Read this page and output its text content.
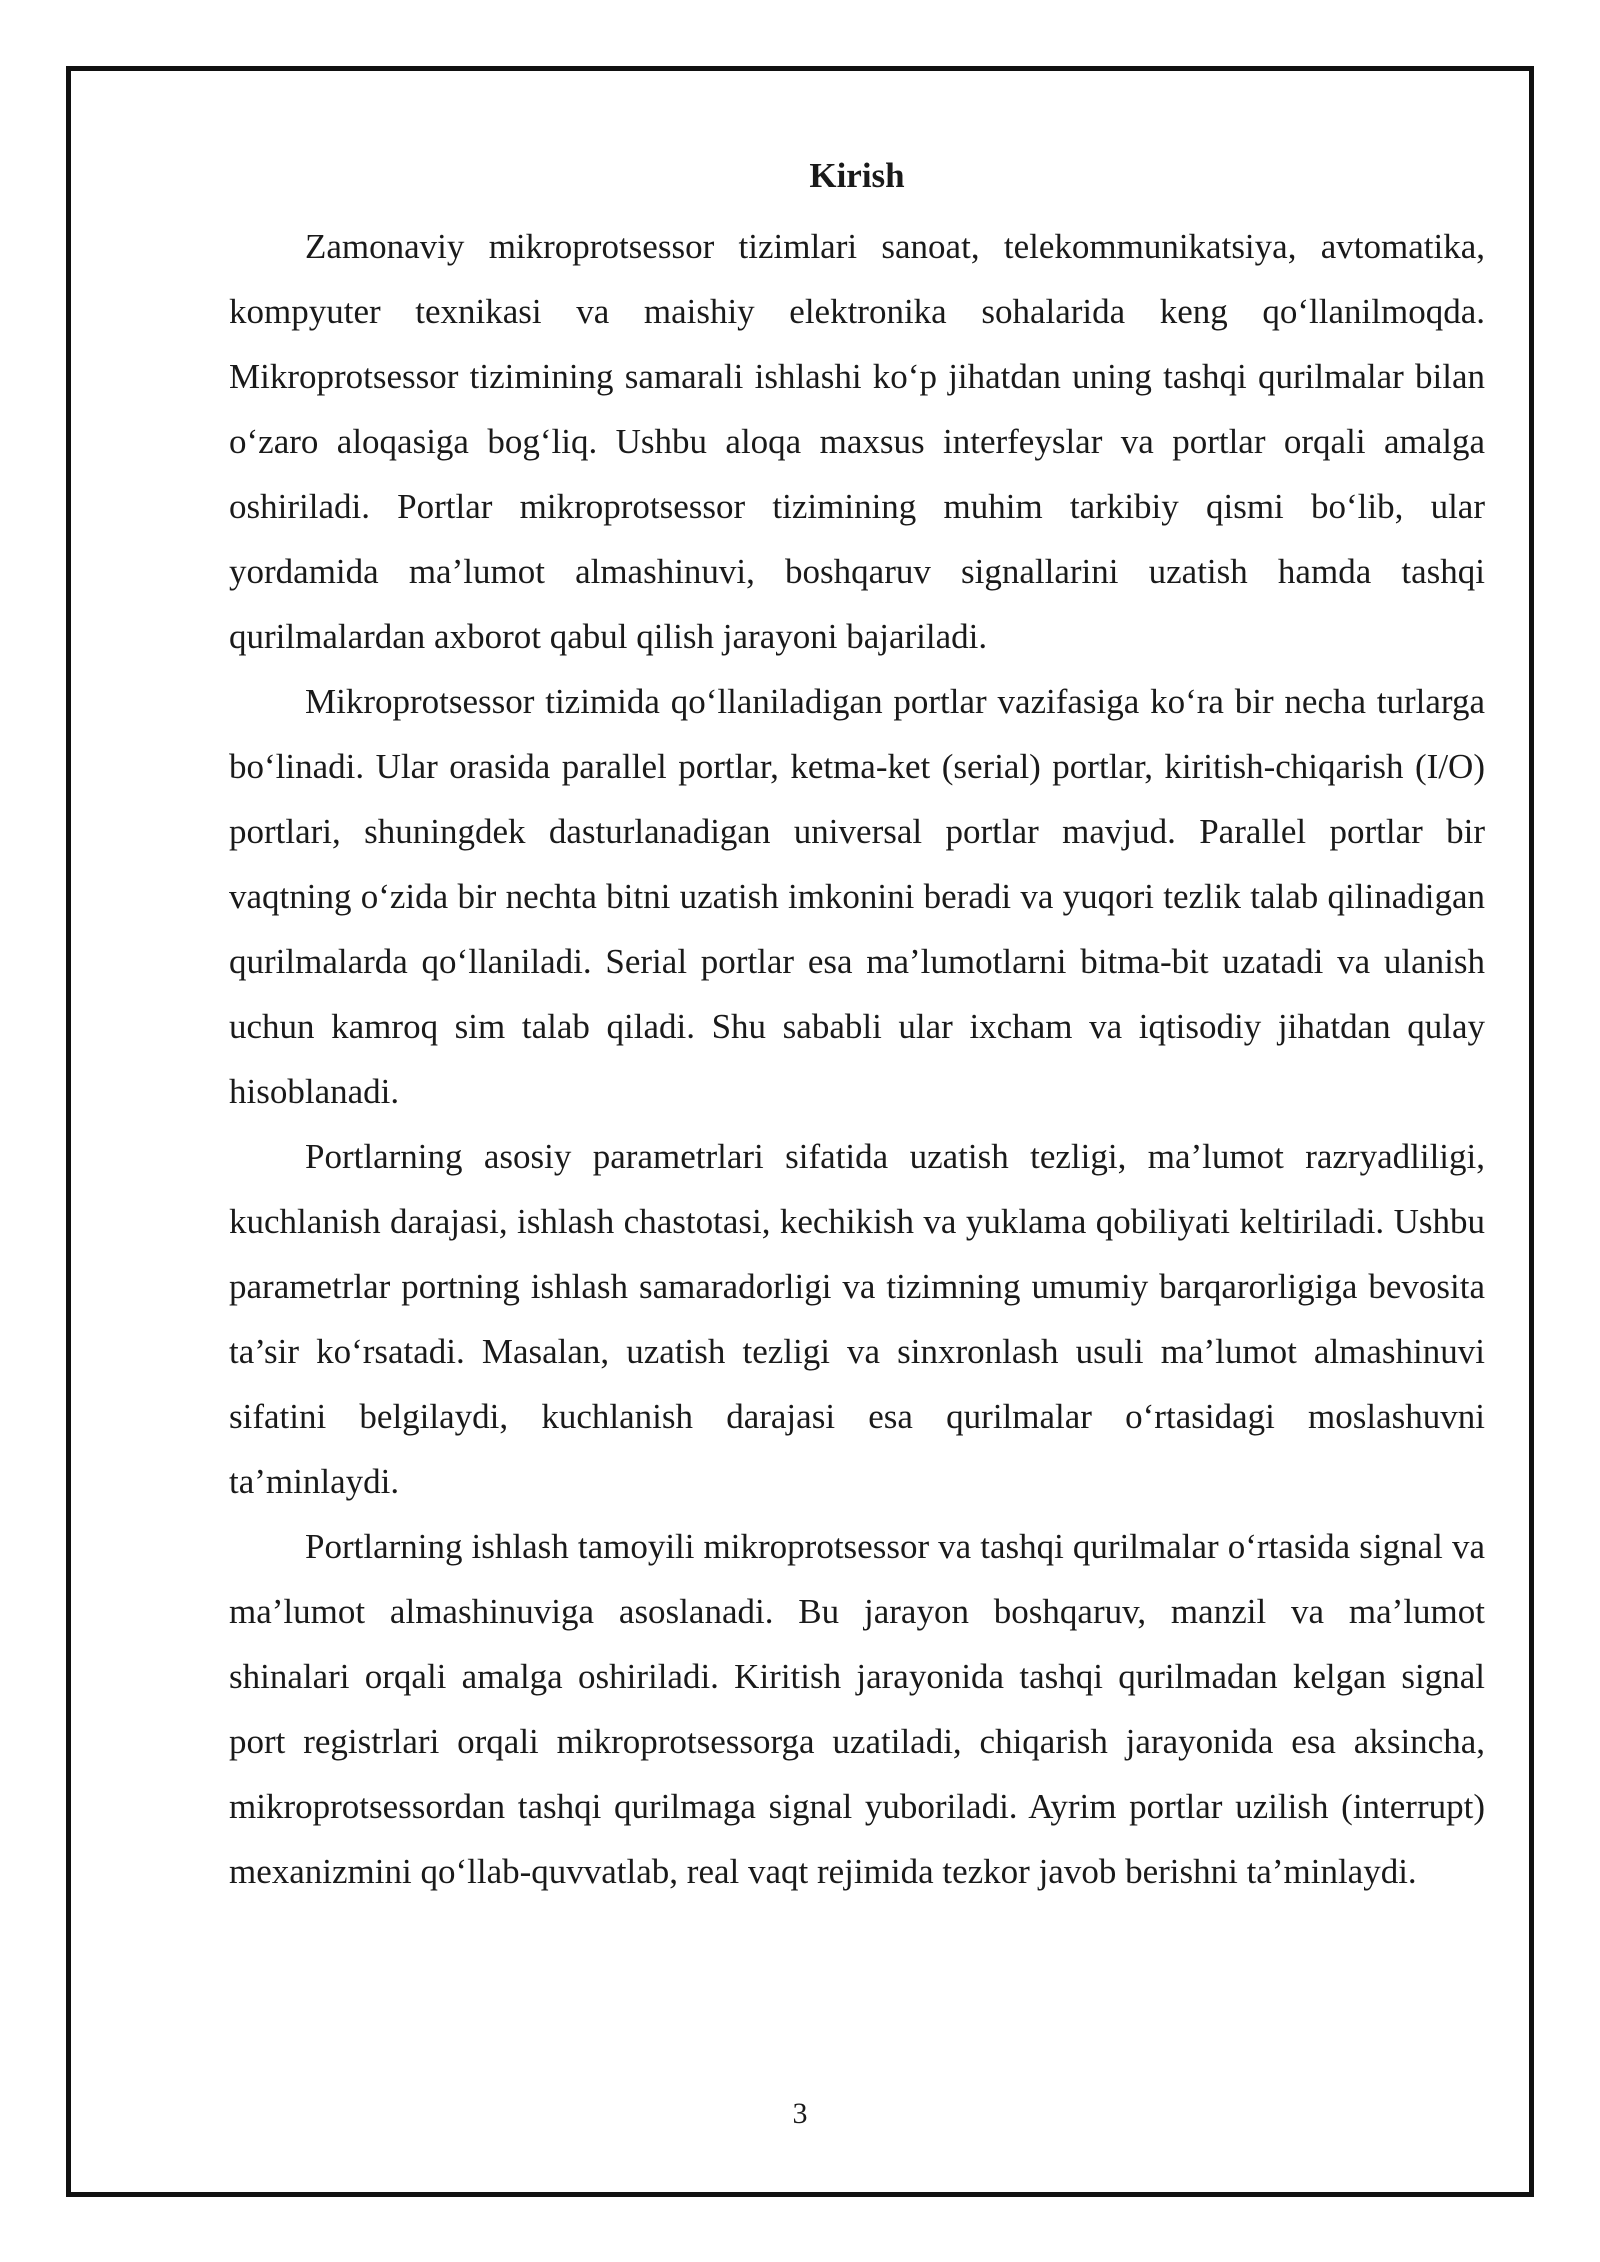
Kirish

Zamonaviy mikroprotsessor tizimlari sanoat, telekommunikatsiya, avtomatika, kompyuter texnikasi va maishiy elektronika sohalarida keng qo‘llanilmoqda. Mikroprotsessor tizimining samarali ishlashi ko‘p jihatdan uning tashqi qurilmalar bilan o‘zaro aloqasiga bog‘liq. Ushbu aloqa maxsus interfeyslar va portlar orqali amalga oshiriladi. Portlar mikroprotsessor tizimining muhim tarkibiy qismi bo‘lib, ular yordamida ma’lumot almashinuvi, boshqaruv signallarini uzatish hamda tashqi qurilmalardan axborot qabul qilish jarayoni bajariladi.

Mikroprotsessor tizimida qo‘llaniladigan portlar vazifasiga ko‘ra bir necha turlarga bo‘linadi. Ular orasida parallel portlar, ketma-ket (serial) portlar, kiritish-chiqarish (I/O) portlari, shuningdek dasturlanadigan universal portlar mavjud. Parallel portlar bir vaqtning o‘zida bir nechta bitni uzatish imkonini beradi va yuqori tezlik talab qilinadigan qurilmalarda qo‘llaniladi. Serial portlar esa ma’lumotlarni bitma-bit uzatadi va ulanish uchun kamroq sim talab qiladi. Shu sababli ular ixcham va iqtisodiy jihatdan qulay hisoblanadi.

Portlarning asosiy parametrlari sifatida uzatish tezligi, ma’lumot razryadliligi, kuchlanish darajasi, ishlash chastotasi, kechikish va yuklama qobiliyati keltiriladi. Ushbu parametrlar portning ishlash samaradorligi va tizimning umumiy barqarorligiga bevosita ta’sir ko‘rsatadi. Masalan, uzatish tezligi va sinxronlash usuli ma’lumot almashinuvi sifatini belgilaydi, kuchlanish darajasi esa qurilmalar o‘rtasidagi moslashuvni ta’minlaydi.

Portlarning ishlash tamoyili mikroprotsessor va tashqi qurilmalar o‘rtasida signal va ma’lumot almashinuviga asoslanadi. Bu jarayon boshqaruv, manzil va ma’lumot shinalari orqali amalga oshiriladi. Kiritish jarayonida tashqi qurilmadan kelgan signal port registrlari orqali mikroprotsessorga uzatiladi, chiqarish jarayonida esa aksincha, mikroprotsessordan tashqi qurilmaga signal yuboriladi. Ayrim portlar uzilish (interrupt) mexanizmini qo‘llab-quvvatlab, real vaqt rejimida tezkor javob berishni ta’minlaydi.

3
